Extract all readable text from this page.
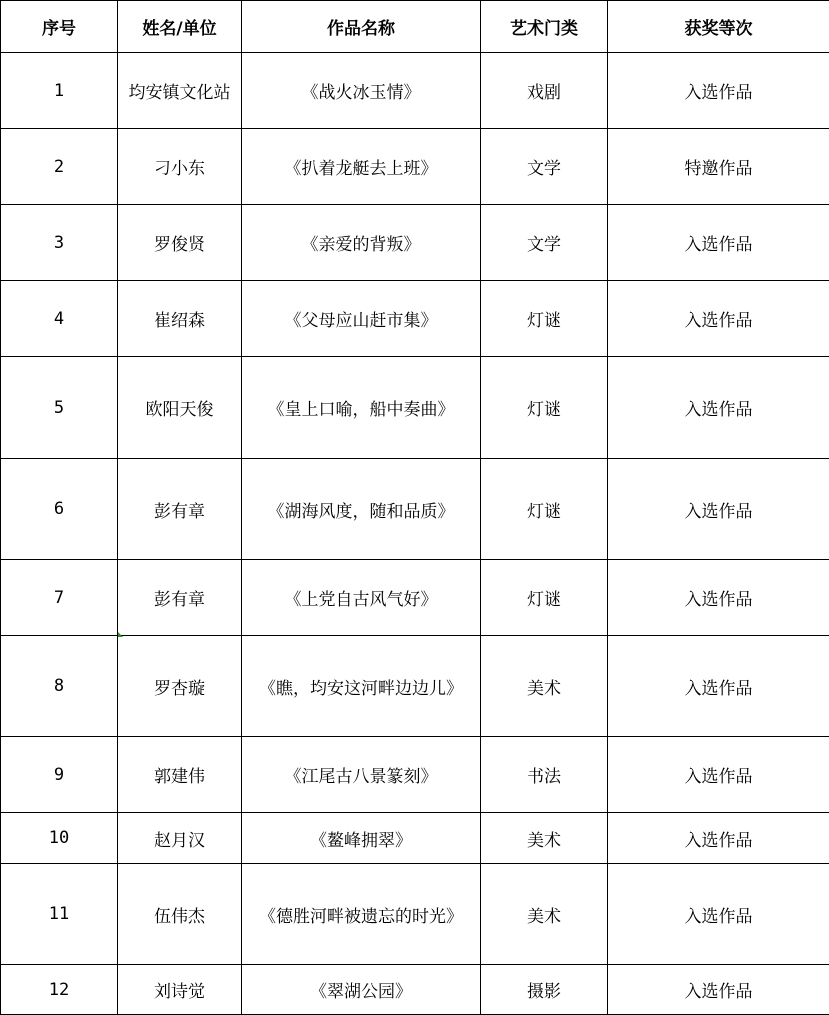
序号	姓名/单位	作品名称	艺术门类	获奖等次
1	均安镇文化站	《战火冰玉情》	戏剧	入选作品
2	刁小东	《扒着龙艇去上班》	文学	特邀作品
3	罗俊贤	《亲爱的背叛》	文学	入选作品
4	崔绍森	《父母应山赶市集》	灯谜	入选作品
5	欧阳天俊	《皇上口喻，船中奏曲》	灯谜	入选作品
6	彭有章	《湖海风度，随和品质》	灯谜	入选作品
7	彭有章	《上党自古风气好》	灯谜	入选作品
8	罗杏璇	《瞧，均安这河畔边边儿》	美术	入选作品
9	郭建伟	《江尾古八景篆刻》	书法	入选作品
10	赵月汉	《鳌峰拥翠》	美术	入选作品
11	伍伟杰	《德胜河畔被遗忘的时光》	美术	入选作品
12	刘诗觉	《翠湖公园》	摄影	入选作品
